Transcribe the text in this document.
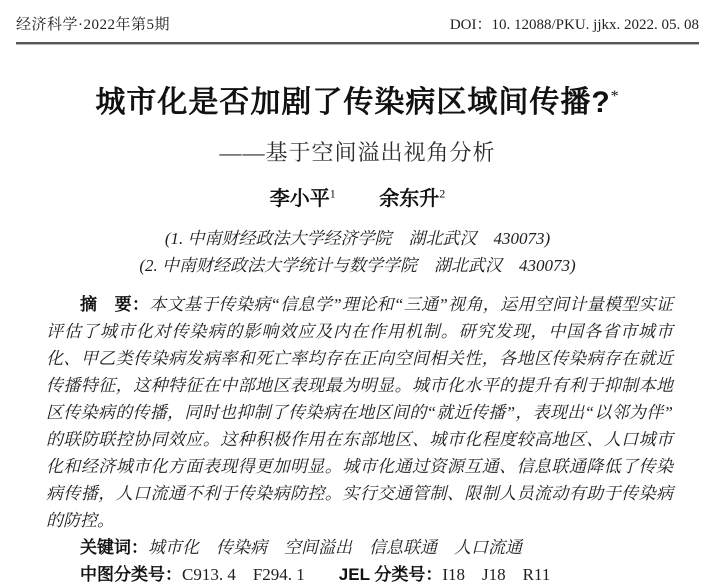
经济科学·2022年第5期	DOI：10. 12088/PKU. jjkx. 2022. 05. 08
城市化是否加剧了传染病区域间传播?*
——基于空间溢出视角分析
李小平$^1$ 余东升$^2$
(1. 中南财经政法大学经济学院　湖北武汉　430073)
(2. 中南财经政法大学统计与数学学院　湖北武汉　430073)

摘　要：本文基于传染病“信息学”理论和“三通”视角，运用空间计量模型实证评估了城市化对传染病的影响效应及内在作用机制。研究发现，中国各省市城市化、甲乙类传染病发病率和死亡率均存在正向空间相关性，各地区传染病存在就近传播特征，这种特征在中部地区表现最为明显。城市化水平的提升有利于抑制本地区传染病的传播，同时也抑制了传染病在地区间的“就近传播”，表现出“以邻为伴”的联防联控协同效应。这种积极作用在东部地区、城市化程度较高地区、人口城市化和经济城市化方面表现得更加明显。城市化通过资源互通、信息联通降低了传染病传播，人口流通不利于传染病防控。实行交通管制、限制人员流动有助于传染病的防控。

关键词：城市化　传染病　空间溢出　信息联通　人口流通

中图分类号：C913. 4　F294. 1 JEL 分类号：I18　J18　R11
